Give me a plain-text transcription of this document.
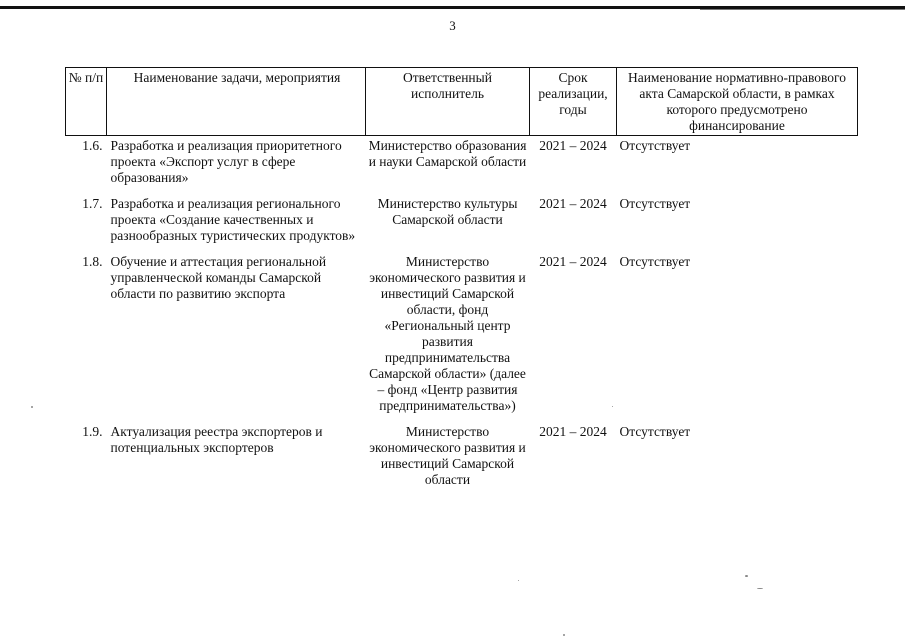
3
№ п/п	Наименование задачи, мероприятия	Ответственный исполнитель	Срок реализации, годы	Наименование нормативно-правового акта Самарской области, в рамках которого предусмотрено финансирование
1.6.	Разработка и реализация приоритетного проекта «Экспорт услуг в сфере образования»	Министерство образования и науки Самарской области	2021 – 2024	Отсутствует
1.7.	Разработка и реализация регионального проекта «Создание качественных и разнообразных туристических продуктов»	Министерство культуры Самарской области	2021 – 2024	Отсутствует
1.8.	Обучение и аттестация региональной управленческой команды Самарской области по развитию экспорта	Министерство экономического развития и инвестиций Самарской области, фонд «Региональный центр развития предпринимательства Самарской области» (далее – фонд «Центр развития предпринимательства»)	2021 – 2024	Отсутствует
1.9.	Актуализация реестра экспортеров и потенциальных экспортеров	Министерство экономического развития и инвестиций Самарской области	2021 – 2024	Отсутствует
